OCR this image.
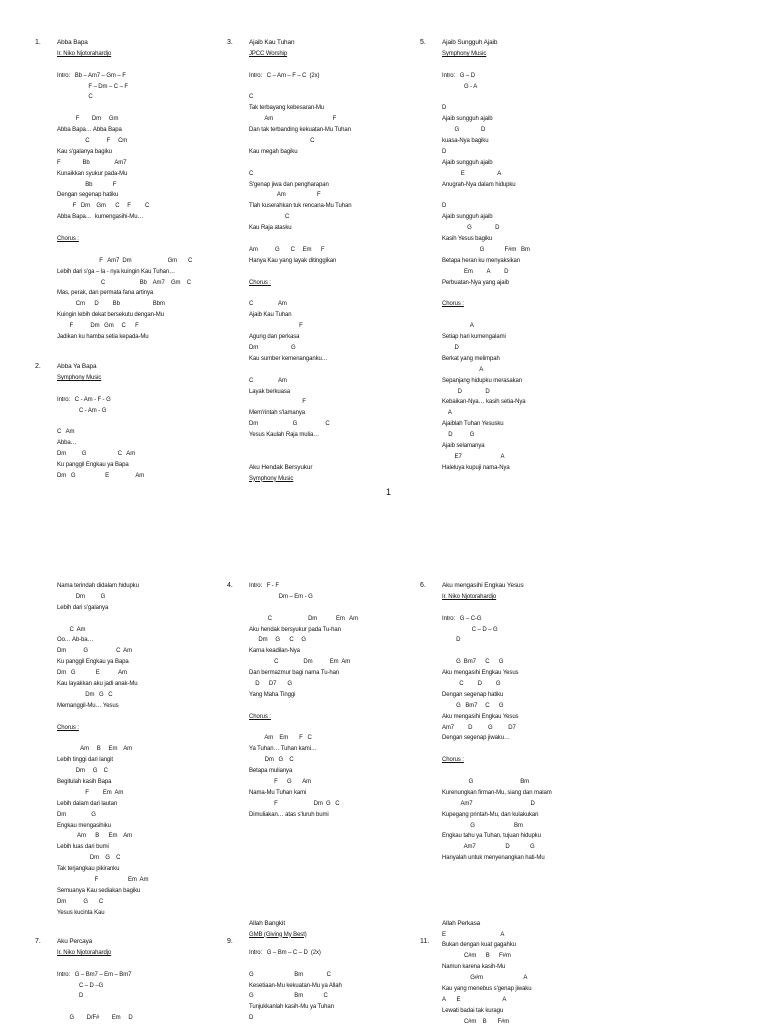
1.	Abba Bapa
Ir. Niko Njotorahardjo
Intro:   Bb – Am7 – Gm – F
F – Dm – C – F
C
F        Dm     Gm
Abba Bapa… Abba Bapa
C           F     Cm
Kau s'galanya bagiku
F              Bb                Am7
Kunaikkan syukur pada-Mu
Bb             F
Dengan segenap hatiku
F   Dm    Gm      C     F         C
Abba Bapa…  kumengasihi-Mu…
Chorus :
F   Am7  Dm                       Gm       C
Lebih dari s'ga – la - nya kuingin Kau Tuhan…
C                      Bb    Am7    Gm    C
Mas, perak, dan permata fana artinya
Cm      D         Bb                     Bbm
Kuingin lebih dekat bersekutu dengan-Mu
F           Dm   Gm     C      F
Jadikan ku hamba setia kepada-Mu
2.	Abba Ya Bapa
Symphony Music
Intro:   C - Am - F - G
C - Am - G
C   Am
Abba…
Dm          G                    C   Am
Ku panggil Engkau ya Bapa
Dm   G                   E                 Am
3.	Ajaib Kau Tuhan
JPCC Worship
Intro:   C – Am – F – C  (2x)
C
Tak terbayang kebesaran-Mu
Am                                      F
Dan tak terbanding kekuatan-Mu Tuhan
C
Kau megah bagiku
C
S'genap jiwa dan pengharapan
Am                    F
Tlah kuserahkan tuk rencana-Mu Tuhan
C
Kau Raja atasku
Am           G       C     Em      F
Hanya Kau yang layak ditinggikan
Chorus :
C                Am
Ajaib Kau Tuhan
F
Agung dan perkasa
Dm                     G
Kau sumber kemenanganku…
C                Am
Layak berkuasa
F
Mem'rintah s'lamanya
Dm                      G                  C
Yesus Kaulah Raja mulia…
Aku Hendak Bersyukur
Symphony Music
5.	Ajaib Sungguh Ajaib
Symphony Music
Intro:   G – D
G - A
D
Ajaib sungguh ajaib
G              D
kuasa-Nya bagiku
D
Ajaib sungguh ajaib
E                     A
Anugrah-Nya dalam hidupku
D
Ajaib sungguh ajaib
G               D
Kasih Yesus bagiku
G             F#m   Bm
Betapa heran ku menyaksikan
Em         A         D
Perbuatan-Nya yang ajaib
Chorus :
A
Setiap hari kumengalami
D
Berkat yang melimpah
A
Sepanjang hidupku merasakan
D               D
Kebaikan-Nya… kasih setia-Nya
A
Ajaiblah Tuhan Yesusku
D           G
Ajaib selamanya
E7                         A
Haleluya kupuji nama-Nya
1
Nama terindah didalam hidupku
Dm          G
Lebih dari s'galanya
C  Am
Oo… Ab-ba…
Dm           G                  C  Am
Ku panggil Engkau ya Bapa
Dm   G             E            Am
Kau layakkan aku jadi anak-Mu
Dm   G   C
Memanggil-Mu… Yesus
Chorus :
Am     B     Em    Am
Lebih tinggi dari langit
Dm     G    C
Begitulah kasih Bapa
F         Em  Am
Lebih dalam dari lautan
Dm                G
Engkau mengasihiku
Am      B      Em    Am
Lebih luas dari bumi
Dm    G    C
Tak terjangkau pikiranku
F                   Em  Am
Semuanya Kau sediakan bagiku
Dm           G       C
Yesus kucinta Kau
7.	Aku Percaya
Ir. Niko Njotorahardjo
Intro:   G – Bm7 – Em – Bm7
C – D –G
D
G        D/F#        Em     D
4.	Intro:   F - F
Dm – Em - G
C                       Dm            Em   Am
Aku hendak bersyukur pada Tu-han
Dm     G      C     G
Karna keadilan-Nya
C                Dm           Em  Am
Dan bermazmur bagi nama Tu-han
D      D7       G
Yang Maha Tinggi
Chorus :
Am    Em       F   C
Ya Tuhan… Tuhan kami…
Dm   G    C
Betapa mulianya
F      G       Am
Nama-Mu Tuhan kami
F                       Dm  G   C
Dimuliakan… atas s'luruh bumi
Allah Bangkit
GMB (Giving My Best)
9.
Intro:   G – Bm – C – D  (2x)
G                          Bm               C
Kesetiaan-Mu kekuatan-Mu ya Allah
G                          Bm             C
Tunjukkanlah kasih-Mu ya Tuhan
D
6.	Aku mengasihi Engkau Yesus
Ir. Niko Njotorahardjo
Intro:   G – C-G
C – D – G
D
G  Bm7      C      G
Aku mengasihi Engkau Yesus
C         D         G
Dengan segenap hatiku
G   Bm7     C      G
Aku mengasihi Engkau Yesus
Am7         D          G          D7
Dengan segenap jiwaku…
Chorus :
G                              Bm
Kurenungkan firman-Mu, siang dan malam
Am7                                     D
Kupegang printah-Mu, dan kulakukan
G                         Bm
Engkau tahu ya Tuhan, tujuan hidupku
Am7                   D             G
Hanyalah untuk menyenangkan hati-Mu
Allah Perkasa
E                                   A
Bukan dengan kuat gagahku
C#m      B      F#m
Namun karena kasih-Mu
G#m                          A
Kau yang menebus s'genap jiwaku
A       E                           A
Lewati badai tak kuragu
C#m    B       F#m
11.
